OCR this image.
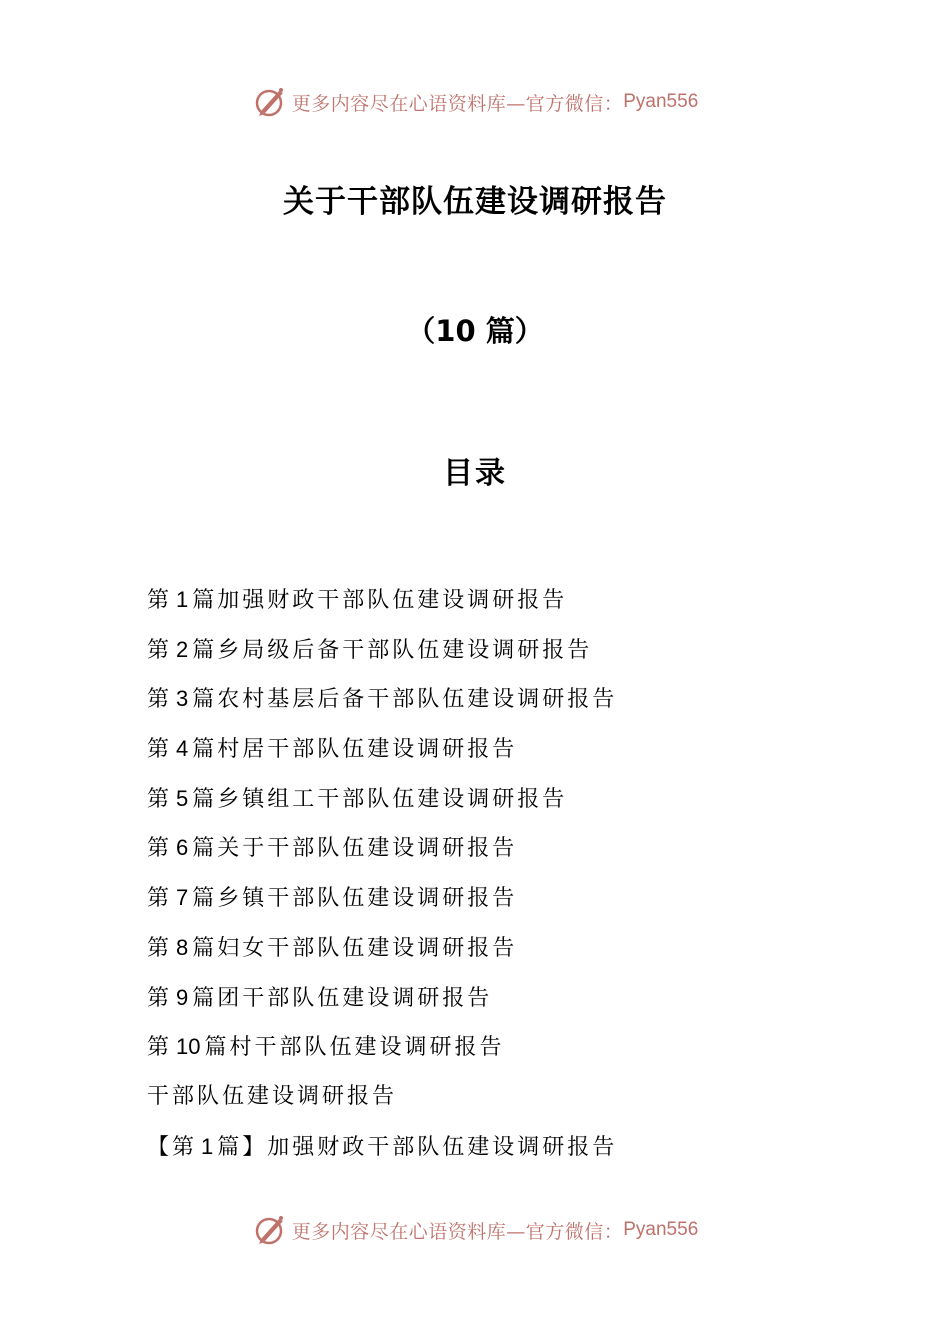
更多内容尽在心语资料库—官方微信： Pyan556
关于干部队伍建设调研报告
（10 篇）
目录
第 1 篇加强财政干部队伍建设调研报告
第 2 篇乡局级后备干部队伍建设调研报告
第 3 篇农村基层后备干部队伍建设调研报告
第 4 篇村居干部队伍建设调研报告
第 5 篇乡镇组工干部队伍建设调研报告
第 6 篇关于干部队伍建设调研报告
第 7 篇乡镇干部队伍建设调研报告
第 8 篇妇女干部队伍建设调研报告
第 9 篇团干部队伍建设调研报告
第 10 篇村干部队伍建设调研报告
干部队伍建设调研报告
【第 1 篇】加强财政干部队伍建设调研报告
更多内容尽在心语资料库—官方微信： Pyan556
